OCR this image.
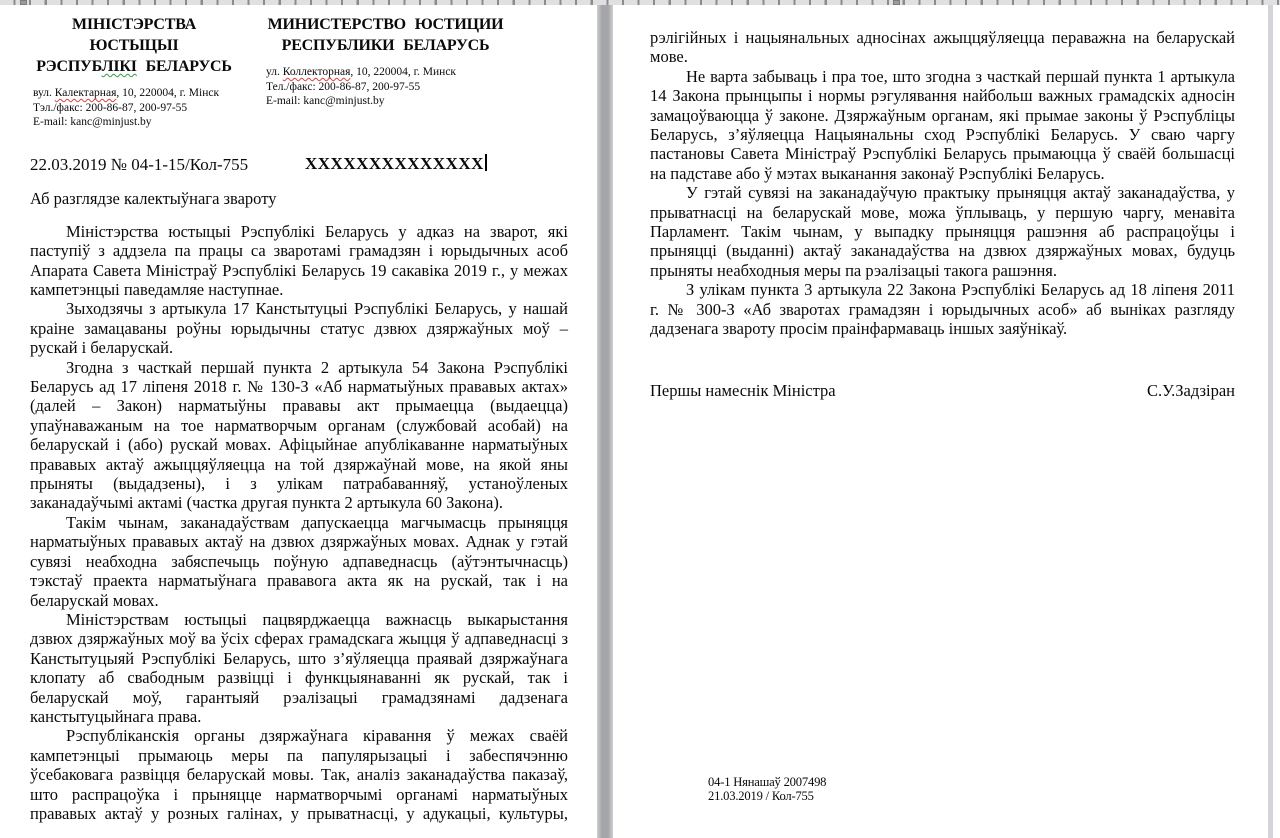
МІНІСТЭРСТВА ЮСТЫЦЫІ
РЭСПУБЛІКІ БЕЛАРУСЬ
вул. Калектарная, 10, 220004, г. Мінск
Тэл./факс: 200-86-87, 200-97-55
E-mail: kanc@minjust.by
МИНИСТЕРСТВО ЮСТИЦИИ
РЕСПУБЛИКИ БЕЛАРУСЬ
ул. Коллекторная, 10, 220004, г. Минск
Тел./факс: 200-86-87, 200-97-55
E-mail: kanc@minjust.by
22.03.2019 № 04-1-15/Кол-755	ХХХХХХХХХХХХХХ
Аб разглядзе калектыўнага звароту

Міністэрства юстыцыі Рэспублікі Беларусь у адказ на зварот, які паступіў з аддзела па працы са зваротамі грамадзян і юрыдычных асоб Апарата Савета Міністраў Рэспублікі Беларусь 19 сакавіка 2019 г., у межах кампетэнцыі паведамляе наступнае.

Зыходзячы з артыкула 17 Канстытуцыі Рэспублікі Беларусь, у нашай краіне замацаваны роўны юрыдычны статус дзвюх дзяржаўных моў – рускай і беларускай.

Згодна з часткай першай пункта 2 артыкула 54 Закона Рэспублікі Беларусь ад 17 ліпеня 2018 г. № 130-З «Аб нарматыўных прававых актах» (далей – Закон) нарматыўны прававы акт прымаецца (выдаецца) упаўнаважаным на тое нарматворчым органам (службовай асобай) на беларускай і (або) рускай мовах. Афіцыйнае апублікаванне нарматыўных прававых актаў ажыццяўляецца на той дзяржаўнай мове, на якой яны прыняты (выдадзены), і з улікам патрабаванняў, устаноўленых заканадаўчымі актамі (частка другая пункта 2 артыкула 60 Закона).

Такім чынам, заканадаўствам дапускаецца магчымасць прыняцця нарматыўных прававых актаў на дзвюх дзяржаўных мовах. Аднак у гэтай сувязі неабходна забяспечыць поўную адпаведнасць (аўтэнтычнасць) тэкстаў праекта нарматыўнага прававога акта як на рускай, так і на беларускай мовах.

Міністэрствам юстыцыі пацвярджаецца важнасць выкарыстання дзвюх дзяржаўных моў ва ўсіх сферах грамадскага жыцця ў адпаведнасці з Канстытуцыяй Рэспублікі Беларусь, што з’яўляецца праявай дзяржаўнага клопату аб свабодным развіцці і функцыянаванні як рускай, так і беларускай моў, гарантыяй рэалізацыі грамадзянамі дадзенага канстытуцыйнага права.

Рэспубліканскія органы дзяржаўнага кіравання ў межах сваёй кампетэнцыі прымаюць меры па папулярызацыі і забеспячэнню ўсебаковага развіцця беларускай мовы. Так, аналіз заканадаўства паказаў, што распрацоўка і прыняцце нарматворчымі органамі нарматыўных прававых актаў у розных галінах, у прыватнасці, у адукацыі, культуры,

рэлігійных і нацыянальных адносінах ажыццяўляецца пераважна на беларускай мове.

Не варта забываць і пра тое, што згодна з часткай першай пункта 1 артыкула 14 Закона прынцыпы і нормы рэгулявання найбольш важных грамадскіх адносін замацоўваюцца ў законе. Дзяржаўным органам, які прымае законы ў Рэспубліцы Беларусь, з’яўляецца Нацыянальны сход Рэспублікі Беларусь. У сваю чаргу пастановы Савета Міністраў Рэспублікі Беларусь прымаюцца ў сваёй большасці на падставе або ў мэтах выканання законаў Рэспублікі Беларусь.

У гэтай сувязі на заканадаўчую практыку прыняцця актаў заканадаўства, у прыватнасці на беларускай мове, можа ўплываць, у першую чаргу, менавіта Парламент. Такім чынам, у выпадку прыняцця рашэння аб распрацоўцы і прыняцці (выданні) актаў заканадаўства на дзвюх дзяржаўных мовах, будуць прыняты неабходныя меры па рэалізацыі такога рашэння.

З улікам пункта 3 артыкула 22 Закона Рэспублікі Беларусь ад 18 ліпеня 2011 г. № 300-З «Аб зваротах грамадзян і юрыдычных асоб» аб выніках разгляду дадзенага звароту просім праінфармаваць іншых заяўнікаў.

Першы намеснік Міністра	С.У.Задзіран
04-1 Нянашаў 2007498
21.03.2019 / Кол-755
